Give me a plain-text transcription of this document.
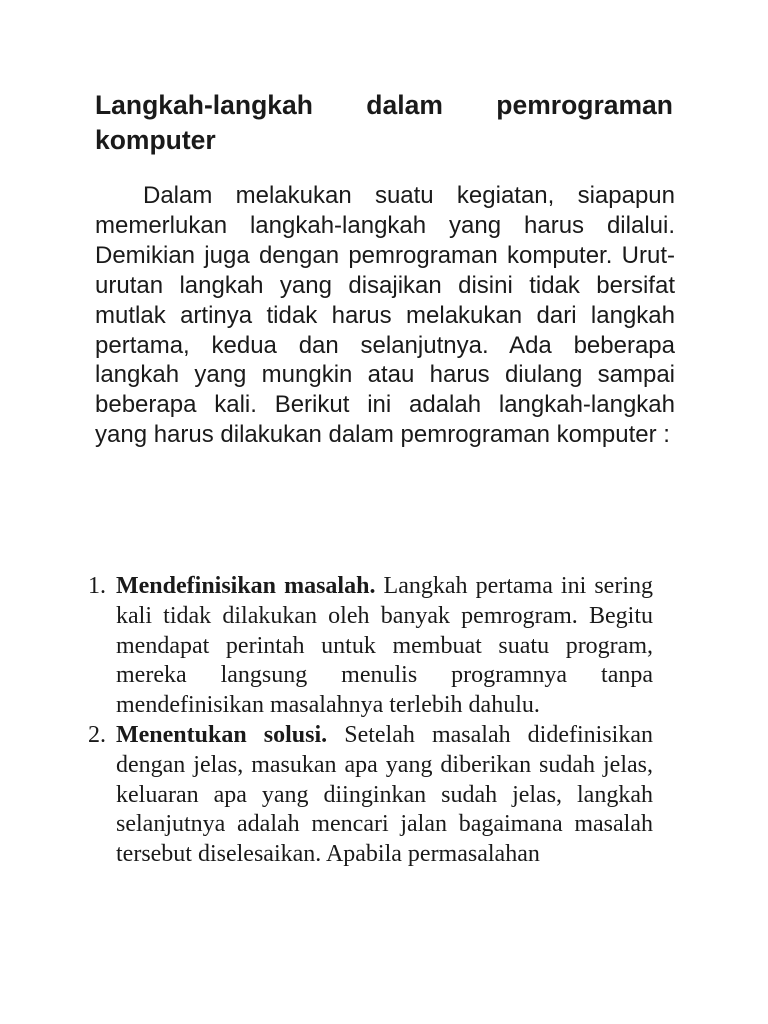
Langkah-langkah dalam pemrograman komputer

Dalam melakukan suatu kegiatan, siapapun memerlukan langkah-langkah yang harus dilalui. Demikian juga dengan pemrograman komputer. Urut-urutan langkah yang disajikan disini tidak bersifat mutlak artinya tidak harus melakukan dari langkah pertama, kedua dan selanjutnya. Ada beberapa langkah yang mungkin atau harus diulang sampai beberapa kali. Berikut ini adalah langkah-langkah yang harus dilakukan dalam pemrograman komputer :

1. Mendefinisikan masalah. Langkah pertama ini sering kali tidak dilakukan oleh banyak pemrogram. Begitu mendapat perintah untuk membuat suatu program, mereka langsung menulis programnya tanpa mendefinisikan masalahnya terlebih dahulu.
2. Menentukan solusi. Setelah masalah didefinisikan dengan jelas, masukan apa yang diberikan sudah jelas, keluaran apa yang diinginkan sudah jelas, langkah selanjutnya adalah mencari jalan bagaimana masalah tersebut diselesaikan. Apabila permasalahan
